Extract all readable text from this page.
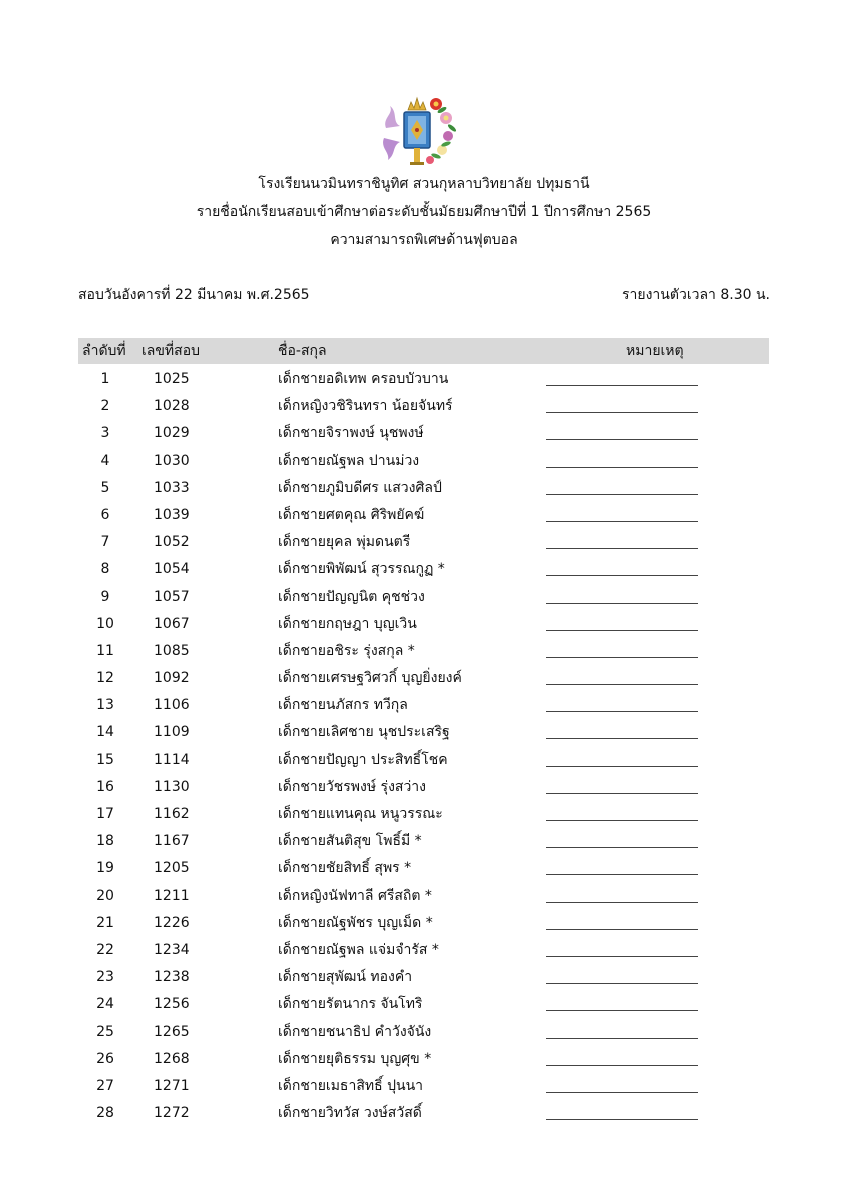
โรงเรียนนวมินทราชินูทิศ สวนกุหลาบวิทยาลัย ปทุมธานี
รายชื่อนักเรียนสอบเข้าศึกษาต่อระดับชั้นมัธยมศึกษาปีที่ 1 ปีการศึกษา 2565
ความสามารถพิเศษด้านฟุตบอล
สอบวันอังคารที่ 22 มีนาคม พ.ศ.2565	รายงานตัวเวลา 8.30 น.
ลำดับที่ เลขที่สอบ	ชื่อ-สกุล	หมายเหตุ
1	1025	เด็กชายอดิเทพ ครอบบัวบาน
2	1028	เด็กหญิงวชิรินทรา น้อยจันทร์
3	1029	เด็กชายจิราพงษ์ นุชพงษ์
4	1030	เด็กชายณัฐพล ปานม่วง
5	1033	เด็กชายภูมิบดีศร แสวงศิลป์
6	1039	เด็กชายศตคุณ ศิริพยัคฆ์
7	1052	เด็กชายยุคล พุ่มดนตรี
8	1054	เด็กชายพิพัฒน์ สุวรรณกูฏ *
9	1057	เด็กชายปัญญนิต คุชช่วง
10	1067	เด็กชายกฤษฎา บุญเวิน
11	1085	เด็กชายอชิระ รุ่งสกุล *
12	1092	เด็กชายเศรษฐวิศวกิ์ บุญยิ่งยงค์
13	1106	เด็กชายนภัสกร ทวีกุล
14	1109	เด็กชายเลิศชาย นุชประเสริฐ
15	1114	เด็กชายปัญญา ประสิทธิ์โชค
16	1130	เด็กชายวัชรพงษ์ รุ่งสว่าง
17	1162	เด็กชายแทนคุณ หนูวรรณะ
18	1167	เด็กชายสันติสุข โพธิ์มี *
19	1205	เด็กชายชัยสิทธิ์ สุพร *
20	1211	เด็กหญิงนัฟทาลี ศรีสถิต *
21	1226	เด็กชายณัฐพัชร บุญเม็ด *
22	1234	เด็กชายณัฐพล แจ่มจำรัส *
23	1238	เด็กชายสุพัฒน์ ทองคำ
24	1256	เด็กชายรัตนากร จันโทริ
25	1265	เด็กชายชนาธิป คำวังจันัง
26	1268	เด็กชายยุติธรรม บุญศุข *
27	1271	เด็กชายเมธาสิทธิ์ ปุนนา
28	1272	เด็กชายวิทวัส วงษ์สวัสดิ์
